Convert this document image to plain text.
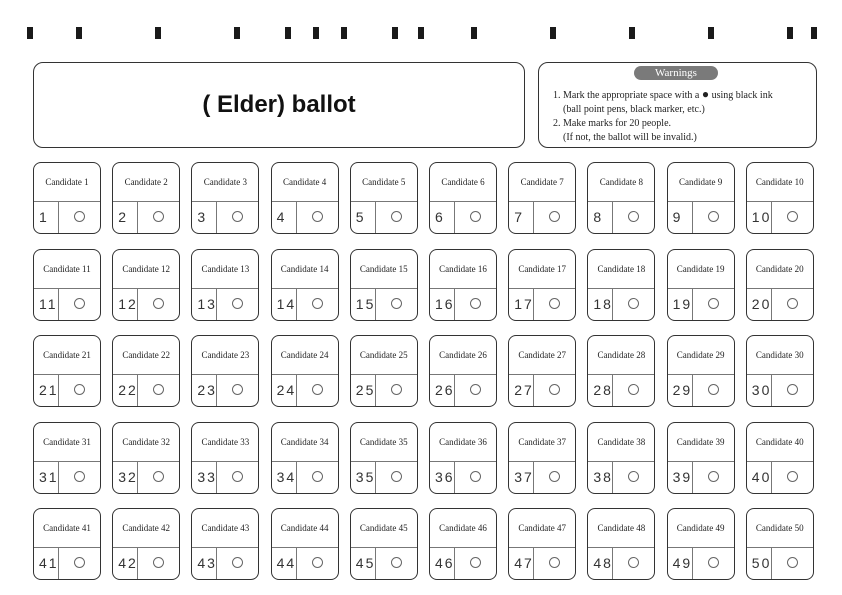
( Elder) ballot
Warnings
1. Mark the appropriate space with a ● using black ink
(ball point pens, black marker, etc.)
2. Make marks for 20 people.
(If not, the ballot will be invalid.)
Candidate 1
1
Candidate 2
2
Candidate 3
3
Candidate 4
4
Candidate 5
5
Candidate 6
6
Candidate 7
7
Candidate 8
8
Candidate 9
9
Candidate 10
10
Candidate 11
11
Candidate 12
12
Candidate 13
13
Candidate 14
14
Candidate 15
15
Candidate 16
16
Candidate 17
17
Candidate 18
18
Candidate 19
19
Candidate 20
20
Candidate 21
21
Candidate 22
22
Candidate 23
23
Candidate 24
24
Candidate 25
25
Candidate 26
26
Candidate 27
27
Candidate 28
28
Candidate 29
29
Candidate 30
30
Candidate 31
31
Candidate 32
32
Candidate 33
33
Candidate 34
34
Candidate 35
35
Candidate 36
36
Candidate 37
37
Candidate 38
38
Candidate 39
39
Candidate 40
40
Candidate 41
41
Candidate 42
42
Candidate 43
43
Candidate 44
44
Candidate 45
45
Candidate 46
46
Candidate 47
47
Candidate 48
48
Candidate 49
49
Candidate 50
50
